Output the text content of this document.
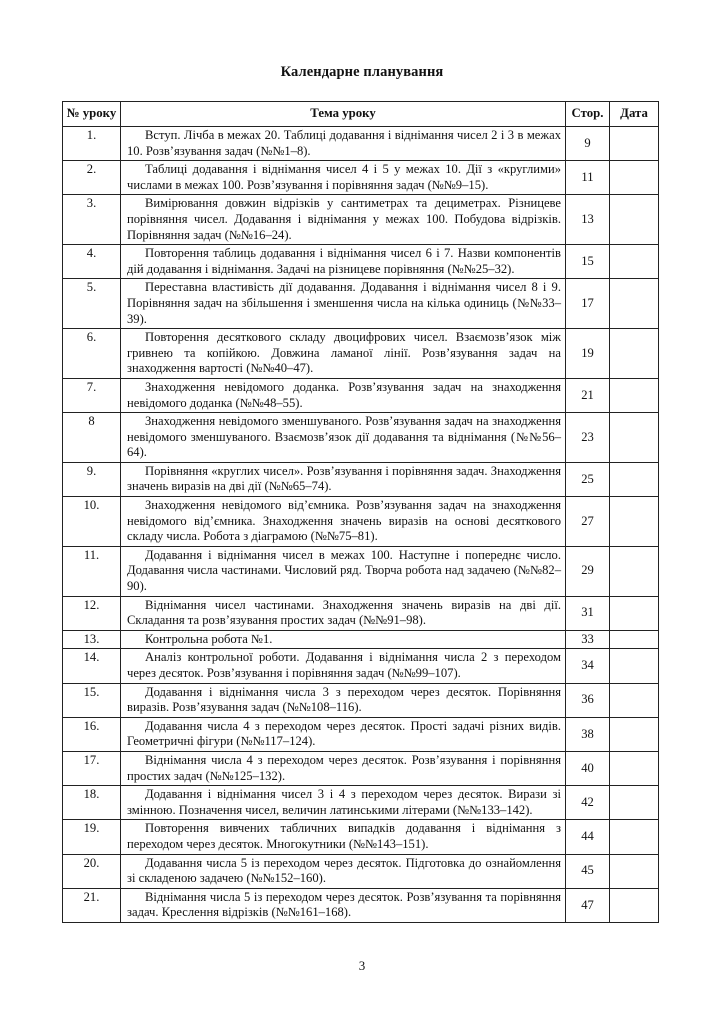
Календарне планування
№ уроку	Тема уроку	Стор.	Дата
1.	Вступ. Лічба в межах 20. Таблиці додавання і віднімання чисел 2 і 3 в межах 10. Розв’язування задач (№№1–8).	9	
2.	Таблиці додавання і віднімання чисел 4 і 5 у межах 10. Дії з «круглими» числами в межах 100. Розв’язування і порівняння задач (№№9–15).	11	
3.	Вимірювання довжин відрізків у сантиметрах та дециметрах. Різницеве порівняння чисел. Додавання і віднімання у межах 100. Побудова відрізків. Порівняння задач (№№16–24).	13	
4.	Повторення таблиць додавання і віднімання чисел 6 і 7. Назви компонентів дій додавання і віднімання. Задачі на різницеве порівняння (№№25–32).	15	
5.	Переставна властивість дії додавання. Додавання і віднімання чисел 8 і 9. Порівняння задач на збільшення і зменшення числа на кілька одиниць (№№33–39).	17	
6.	Повторення десяткового складу двоцифрових чисел. Взаємозв’язок між гривнею та копійкою. Довжина ламаної лінії. Розв’язування задач на знаходження вартості (№№40–47).	19	
7.	Знаходження невідомого доданка. Розв’язування задач на знаходження невідомого доданка (№№48–55).	21	
8	Знаходження невідомого зменшуваного. Розв’язування задач на знаходження невідомого зменшуваного. Взаємозв’язок дії додавання та віднімання (№№56–64).	23	
9.	Порівняння «круглих чисел». Розв’язування і порівняння задач. Знаходження значень виразів на дві дії (№№65–74).	25	
10.	Знаходження невідомого від’ємника. Розв’язування задач на знаходження невідомого від’ємника. Знаходження значень виразів на основі десяткового складу числа. Робота з діаграмою (№№75–81).	27	
11.	Додавання і віднімання чисел в межах 100. Наступне і попереднє число. Додавання числа частинами. Числовий ряд. Творча робота над задачею (№№82–90).	29	
12.	Віднімання чисел частинами. Знаходження значень виразів на дві дії. Складання та розв’язування простих задач (№№91–98).	31	
13.	Контрольна робота №1.	33	
14.	Аналіз контрольної роботи. Додавання і віднімання числа 2 з переходом через десяток. Розв’язування і порівняння задач (№№99–107).	34	
15.	Додавання і віднімання числа 3 з переходом через десяток. Порівняння виразів. Розв’язування задач (№№108–116).	36	
16.	Додавання числа 4 з переходом через десяток. Прості задачі різних видів. Геометричні фігури (№№117–124).	38	
17.	Віднімання числа 4 з переходом через десяток. Розв’язування і порівняння простих задач (№№125–132).	40	
18.	Додавання і віднімання чисел 3 і 4 з переходом через десяток. Вирази зі змінною. Позначення чисел, величин латинськими літерами (№№133–142).	42	
19.	Повторення вивчених табличних випадків додавання і віднімання з переходом через десяток. Многокутники (№№143–151).	44	
20.	Додавання числа 5 із переходом через десяток. Підготовка до ознайомлення зі складеною задачею (№№152–160).	45	
21.	Віднімання числа 5 із переходом через десяток. Розв’язування та порівняння задач. Креслення відрізків (№№161–168).	47	
3
